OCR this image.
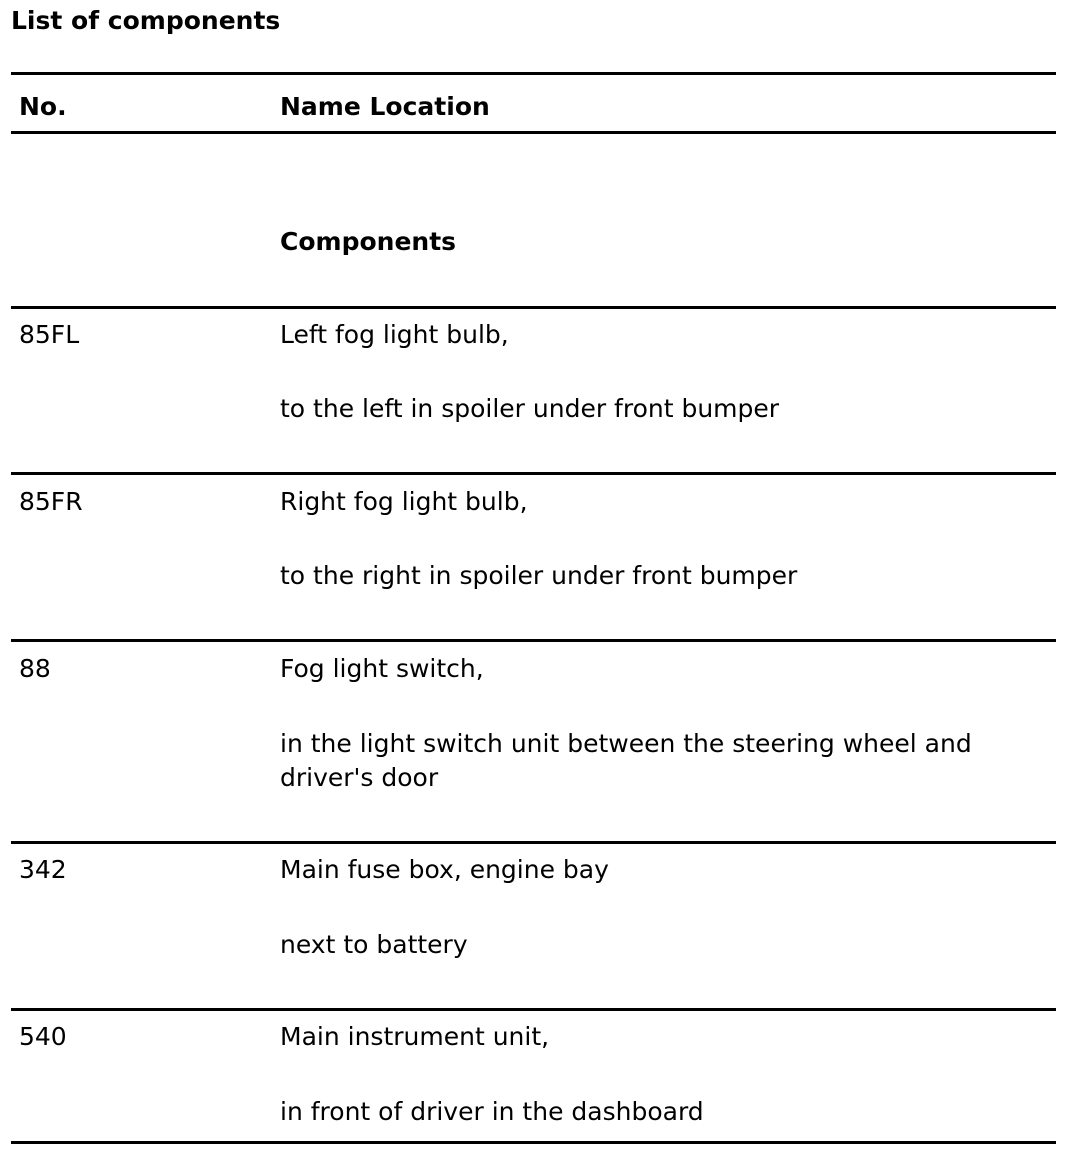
List of components
No.	Name Location
Components
85FL	Left fog light bulb,
to the left in spoiler under front bumper
85FR	Right fog light bulb,
to the right in spoiler under front bumper
88	Fog light switch,
in the light switch unit between the steering wheel and driver's door
342	Main fuse box, engine bay
next to battery
540	Main instrument unit,
in front of driver in the dashboard
